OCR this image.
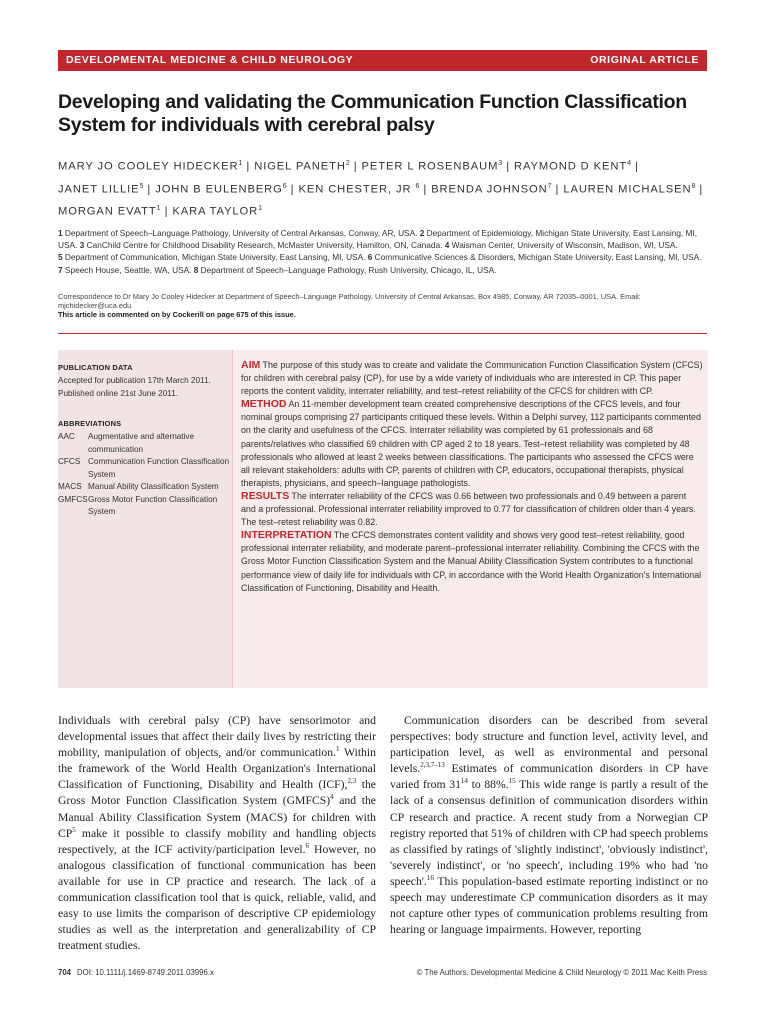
DEVELOPMENTAL MEDICINE & CHILD NEUROLOGY	ORIGINAL ARTICLE
Developing and validating the Communication Function Classification System for individuals with cerebral palsy
MARY JO COOLEY HIDECKER$^1$ | NIGEL PANETH$^2$ | PETER L ROSENBAUM$^3$ | RAYMOND D KENT$^4$ |
JANET LILLIE$^5$ | JOHN B EULENBERG$^6$ | KEN CHESTER, JR $^6$ | BRENDA JOHNSON$^7$ | LAUREN MICHALSEN$^8$ |
MORGAN EVATT$^1$ | KARA TAYLOR$^1$
1 Department of Speech–Language Pathology, University of Central Arkansas, Conway, AR, USA. 2 Department of Epidemiology, Michigan State University, East Lansing, MI, USA. 3 CanChild Centre for Childhood Disability Research, McMaster University, Hamilton, ON, Canada. 4 Waisman Center, University of Wisconsin, Madison, WI, USA.
5 Department of Communication, Michigan State University, East Lansing, MI, USA. 6 Communicative Sciences & Disorders, Michigan State University, East Lansing, MI, USA.
7 Speech House, Seattle, WA, USA. 8 Department of Speech–Language Pathology, Rush University, Chicago, IL, USA.
Correspondence to Dr Mary Jo Cooley Hidecker at Department of Speech–Language Pathology, University of Central Arkansas, Box 4985, Conway, AR 72035–0001, USA. Email: mjchidecker@uca.edu
This article is commented on by Cockerill on page 675 of this issue.
PUBLICATION DATA
Accepted for publication 17th March 2011.
Published online 21st June 2011.
ABBREVIATIONS
AAC	Augmentative and alternative communication
CFCS Communication Function Classification System
MACS Manual Ability Classification System
GMFCS Gross Motor Function Classification System
AIM The purpose of this study was to create and validate the Communication Function Classification System (CFCS) for children with cerebral palsy (CP), for use by a wide variety of individuals who are interested in CP. This paper reports the content validity, interrater reliability, and test–retest reliability of the CFCS for children with CP.
METHOD An 11-member development team created comprehensive descriptions of the CFCS levels, and four nominal groups comprising 27 participants critiqued these levels. Within a Delphi survey, 112 participants commented on the clarity and usefulness of the CFCS. Interrater reliability was completed by 61 professionals and 68 parents/relatives who classified 69 children with CP aged 2 to 18 years. Test–retest reliability was completed by 48 professionals who allowed at least 2 weeks between classifications. The participants who assessed the CFCS were all relevant stakeholders: adults with CP, parents of children with CP, educators, occupational therapists, physical therapists, physicians, and speech–language pathologists.
RESULTS The interrater reliability of the CFCS was 0.66 between two professionals and 0.49 between a parent and a professional. Professional interrater reliability improved to 0.77 for classification of children older than 4 years. The test–retest reliability was 0.82.
INTERPRETATION The CFCS demonstrates content validity and shows very good test–retest reliability, good professional interrater reliability, and moderate parent–professional interrater reliability. Combining the CFCS with the Gross Motor Function Classification System and the Manual Ability Classification System contributes to a functional performance view of daily life for individuals with CP, in accordance with the World Health Organization's International Classification of Functioning, Disability and Health.
Individuals with cerebral palsy (CP) have sensorimotor and developmental issues that affect their daily lives by restricting their mobility, manipulation of objects, and/or communication.$^1$ Within the framework of the World Health Organization's International Classification of Functioning, Disability and Health (ICF),$^{2,3}$ the Gross Motor Function Classification System (GMFCS)$^4$ and the Manual Ability Classification System (MACS) for children with $CP^5$ make it possible to classify mobility and handling objects respectively, at the ICF activity/participation level.$^6$ However, no analogous classification of functional communication has been available for use in CP practice and research. The lack of a communication classification tool that is quick, reliable, valid, and easy to use limits the comparison of descriptive CP epidemiology studies as well as the interpretation and generalizability of CP treatment studies.
Communication disorders can be described from several perspectives: body structure and function level, activity level, and participation level, as well as environmental and personal levels.$^{2,3,7-13}$ Estimates of communication disorders in CP have varied from $31^{14}$ to 88%.$^{15}$ This wide range is partly a result of the lack of a consensus definition of communication disorders within CP research and practice. A recent study from a Norwegian CP registry reported that 51% of children with CP had speech problems as classified by ratings of 'slightly indistinct', 'obviously indistinct', 'severely indistinct', or 'no speech', including 19% who had 'no speech'.$^{16}$ This population-based estimate reporting indistinct or no speech may underestimate CP communication disorders as it may not capture other types of communication problems resulting from hearing or language impairments. However, reporting
704 DOI: 10.1111/j.1469-8749.2011.03996.x	© The Authors. Developmental Medicine & Child Neurology © 2011 Mac Keith Press
